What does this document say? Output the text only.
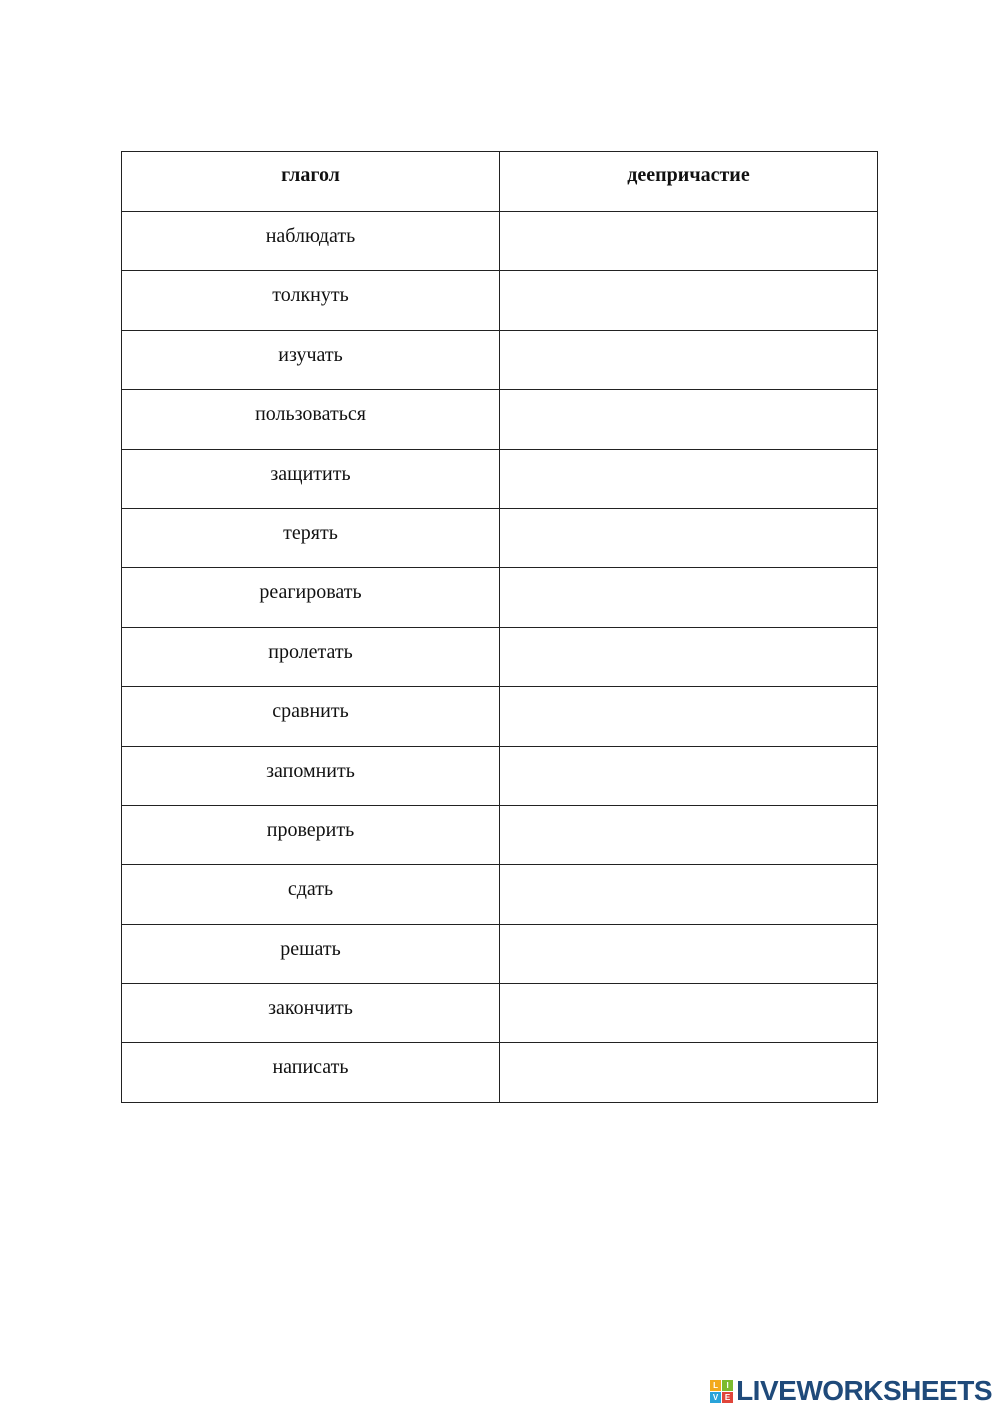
глагол	деепричастие
наблюдать	
толкнуть	
изучать	
пользоваться	
защитить	
терять	
реагировать	
пролетать	
сравнить	
запомнить	
проверить	
сдать	
решать	
закончить	
написать	
L	I
V E LIVEWORKSHEETS
